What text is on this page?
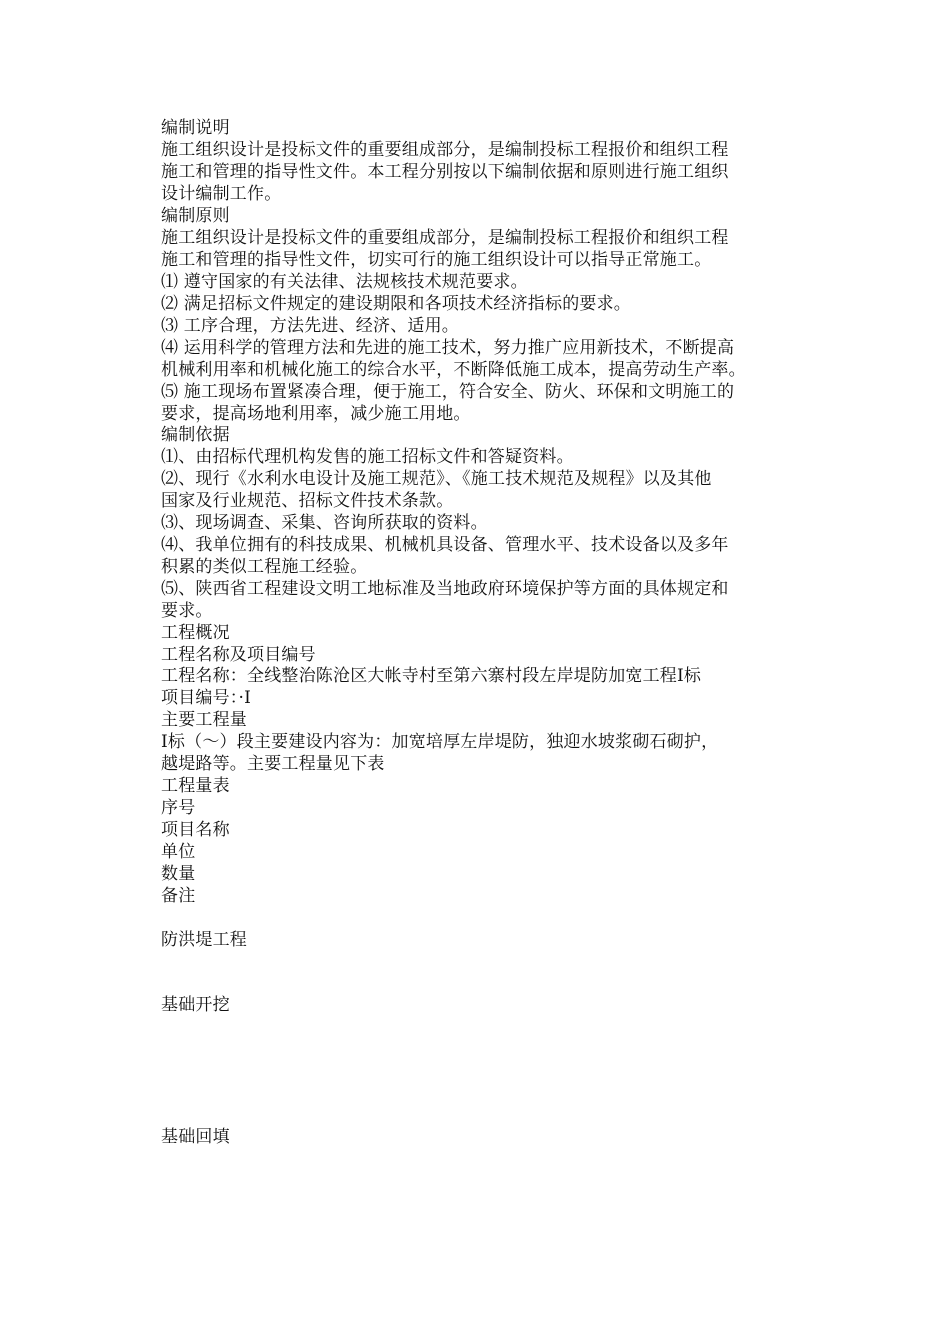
编制说明
施工组织设计是投标文件的重要组成部分，是编制投标工程报价和组织工程
施工和管理的指导性文件。本工程分别按以下编制依据和原则进行施工组织
设计编制工作。
编制原则
施工组织设计是投标文件的重要组成部分，是编制投标工程报价和组织工程
施工和管理的指导性文件，切实可行的施工组织设计可以指导正常施工。
⑴ 遵守国家的有关法律、法规核技术规范要求。
⑵ 满足招标文件规定的建设期限和各项技术经济指标的要求。
⑶ 工序合理，方法先进、经济、适用。
⑷ 运用科学的管理方法和先进的施工技术，努力推广应用新技术，不断提高
机械利用率和机械化施工的综合水平，不断降低施工成本，提高劳动生产率。
⑸ 施工现场布置紧凑合理，便于施工，符合安全、防火、环保和文明施工的
要求，提高场地利用率，减少施工用地。
编制依据
⑴、由招标代理机构发售的施工招标文件和答疑资料。
⑵、现行《水利水电设计及施工规范》、《施工技术规范及规程》以及其他
国家及行业规范、招标文件技术条款。
⑶、现场调查、采集、咨询所获取的资料。
⑷、我单位拥有的科技成果、机械机具设备、管理水平、技术设备以及多年
积累的类似工程施工经验。
⑸、陕西省工程建设文明工地标准及当地政府环境保护等方面的具体规定和
要求。
工程概况
工程名称及项目编号
工程名称：全线整治陈沧区大帐寺村至第六寨村段左岸堤防加宽工程Ⅰ标
项目编号：·Ⅰ
主要工程量
Ⅰ标（～）段主要建设内容为：加宽培厚左岸堤防，独迎水坡浆砌石砌护，
越堤路等。主要工程量见下表
工程量表
序号
项目名称
单位
数量
备注
防洪堤工程
基础开挖
基础回填
